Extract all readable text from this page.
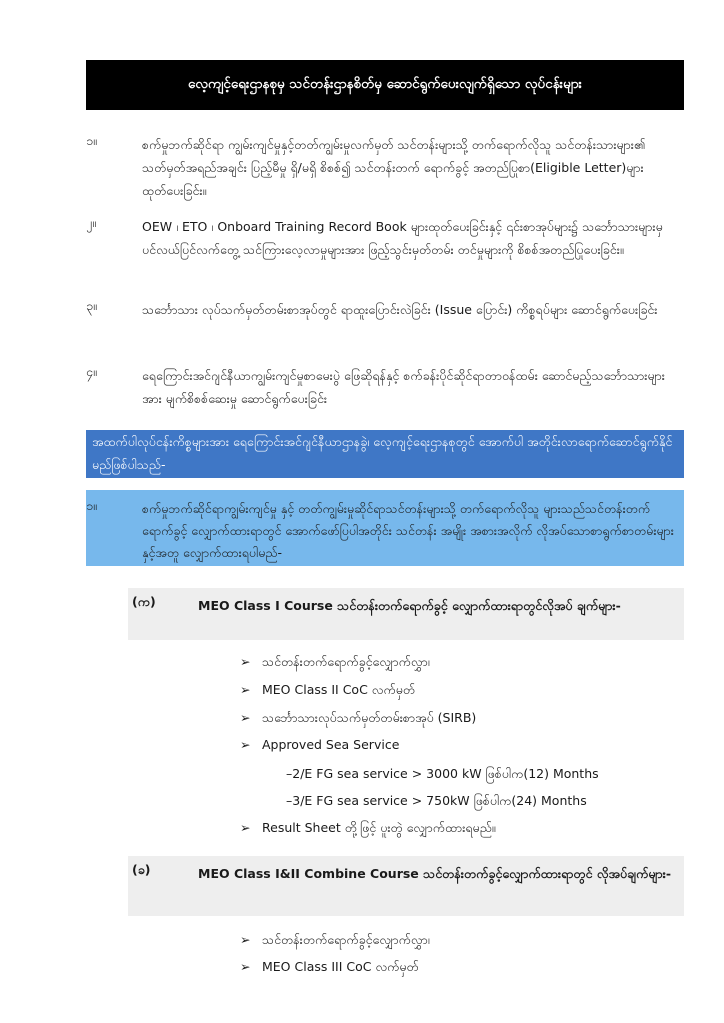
လေ့ကျင့်ရေးဌာနစုမှ သင်တန်းဌာနစိတ်မှ ဆောင်ရွက်ပေးလျက်ရှိသော လုပ်ငန်းများ
၁။	စက်မှုဘက်ဆိုင်ရာ ကျွမ်းကျင်မှုနှင့်တတ်ကျွမ်းမှုလက်မှတ် သင်တန်းများသို့ တက်ရောက်လိုသူ သင်တန်းသားများ၏ သတ်မှတ်အရည်အချင်း ပြည့်မီမှု ရှိ/မရှိ စိစစ်၍ သင်တန်းတက် ရောက်ခွင့် အတည်ပြုစာ(Eligible Letter)များ ထုတ်ပေးခြင်း။
၂။	OEW ၊ ETO ၊ Onboard Training Record Book များထုတ်ပေးခြင်းနှင့် ၎င်းစာအုပ်များ၌ သင်္ဘောသားများမှ ပင်လယ်ပြင်လက်တွေ့ သင်ကြားလေ့လာမှုများအား ဖြည့်သွင်းမှတ်တမ်း တင်မှုများကို စိစစ်အတည်ပြုပေးခြင်း။
၃။	သင်္ဘောသား လုပ်သက်မှတ်တမ်းစာအုပ်တွင် ရာထူးပြောင်းလဲခြင်း (Issue ပြောင်း) ကိစ္စရပ်များ ဆောင်ရွက်ပေးခြင်း
၄။	ရေကြောင်းအင်ဂျင်နီယာကျွမ်းကျင်မှုစာမေးပွဲ ဖြေဆိုရန်နှင့် စက်ခန်းပိုင်ဆိုင်ရာတာဝန်ထမ်း ဆောင်မည့်သင်္ဘောသားများအား မျက်စိစစ်ဆေးမှု ဆောင်ရွက်ပေးခြင်း
အထက်ပါလုပ်ငန်းကိစ္စများအား ရေကြောင်းအင်ဂျင်နီယာဌာနခွဲ၊ လေ့ကျင့်ရေးဌာနစုတွင် အောက်ပါ အတိုင်းလာရောက်ဆောင်ရွက်နိုင်မည်ဖြစ်ပါသည်-
၁။	စက်မှုဘက်ဆိုင်ရာကျွမ်းကျင်မှု နှင့် တတ်ကျွမ်းမှုဆိုင်ရာသင်တန်းများသို့ တက်ရောက်လိုသူ များသည်သင်တန်းတက်ရောက်ခွင့် လျှောက်ထားရာတွင် အောက်ဖော်ပြပါအတိုင်း သင်တန်း အမျိုး အစားအလိုက် လိုအပ်သောစာရွက်စာတမ်းများနှင့်အတူ လျှောက်ထားရပါမည်-
(က)	MEO Class I Course သင်တန်းတက်ရောက်ခွင့် လျှောက်ထားရာတွင်လိုအပ် ချက်များ-
➢ သင်တန်းတက်ရောက်ခွင့်လျှောက်လွှာ၊
➢ MEO Class II CoC လက်မှတ်
➢ သင်္ဘောသားလုပ်သက်မှတ်တမ်းစာအုပ် (SIRB)
➢ Approved Sea Service
–2/E FG sea service > 3000 kW ဖြစ်ပါက(12) Months
–3/E FG sea service > 750kW ဖြစ်ပါက(24) Months
➢ Result Sheet တို့ဖြင့် ပူးတွဲ လျှောက်ထားရမည်။
(ခ)	MEO Class I&II Combine Course သင်တန်းတက်ခွင့်လျှောက်ထားရာတွင် လိုအပ်ချက်များ-
➢ သင်တန်းတက်ရောက်ခွင့်လျှောက်လွှာ၊
➢ MEO Class III CoC လက်မှတ်
